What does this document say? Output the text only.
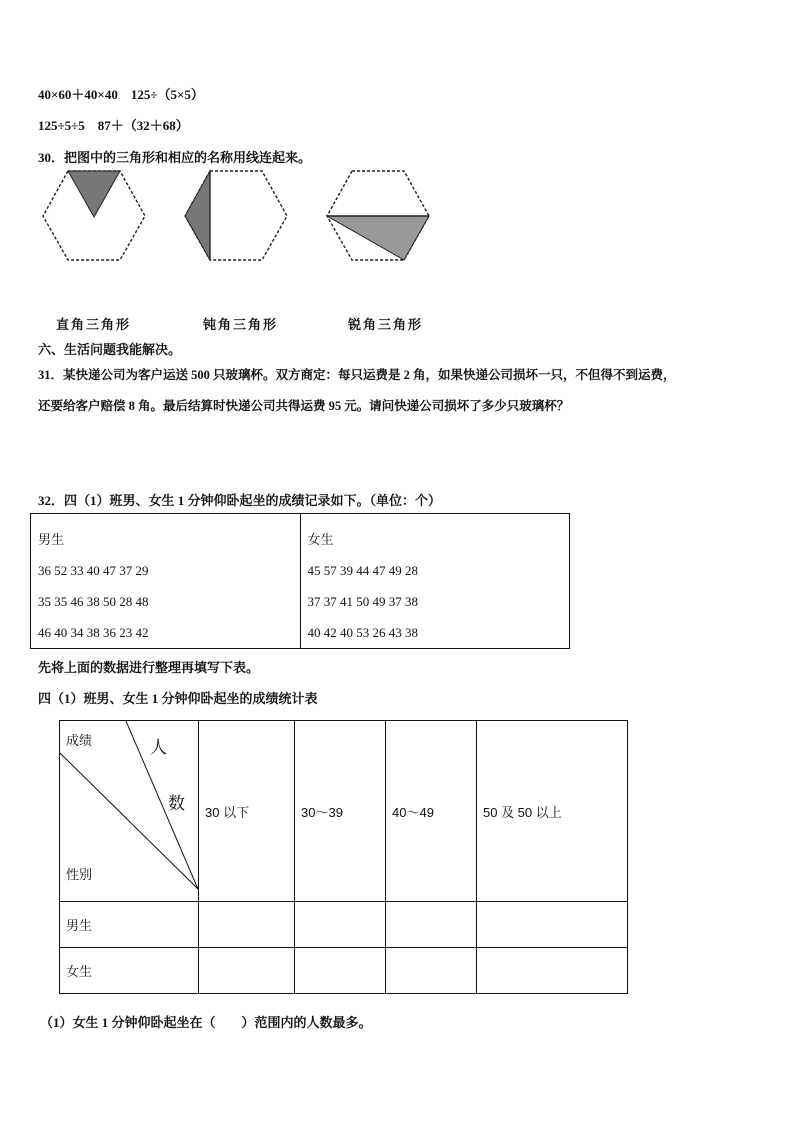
40×60＋40×40 125÷（5×5）
125÷5÷5 87＋（32＋68）
30．把图中的三角形和相应的名称用线连起来。
直角三角形	钝角三角形	锐角三角形
六、生活问题我能解决。
31．某快递公司为客户运送 500 只玻璃杯。双方商定：每只运费是 2 角，如果快递公司损坏一只，不但得不到运费，
还要给客户赔偿 8 角。最后结算时快递公司共得运费 95 元。请问快递公司损坏了多少只玻璃杯？
32．四（1）班男、女生 1 分钟仰卧起坐的成绩记录如下。（单位：个）
男生
36 52 33 40 47 37 29
35 35 46 38 50 28 48
46 40 34 38 36 23 42

女生
45 57 39 44 47 49 28
37 37 41 50 49 37 38
40 42 40 53 26 43 38
先将上面的数据进行整理再填写下表。
四（1）班男、女生 1 分钟仰卧起坐的成绩统计表
成绩 人
数
性别	30 以下	30～39	40～49	50 及 50 以上
男生				
女生				
（1）女生 1 分钟仰卧起坐在（　　）范围内的人数最多。
